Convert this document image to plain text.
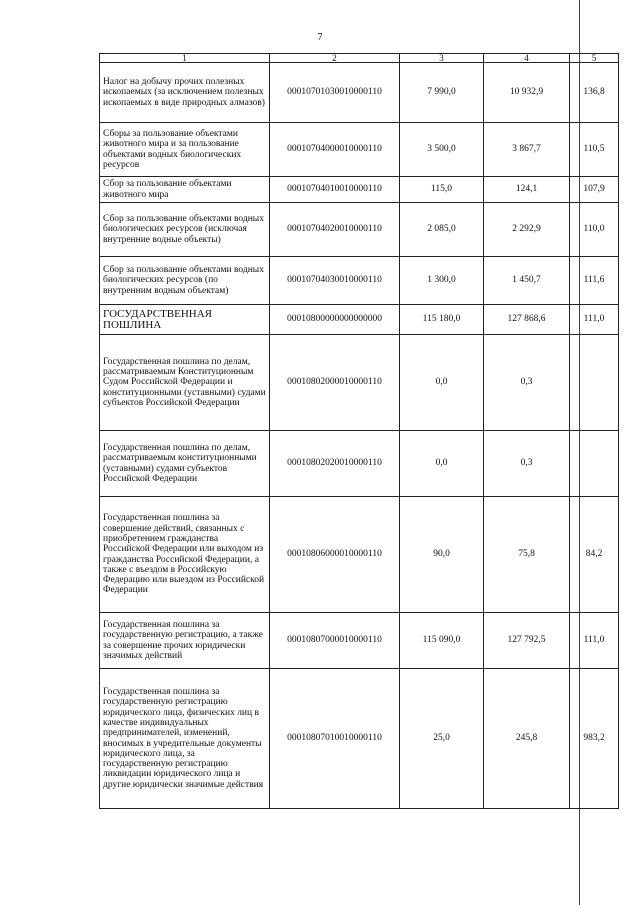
7
1	2	3	4	5
Налог на добычу прочих полезных ископаемых (за исключением полезных ископаемых в виде природных алмазов)	00010701030010000110	7 990,0	10 932,9	136,8
Сборы за пользование объектами животного мира и за пользование объектами водных биологических ресурсов	00010704000010000110	3 500,0	3 867,7	110,5
Сбор за пользование объектами животного мира	00010704010010000110	115,0	124,1	107,9
Сбор за пользование объектами водных биологических ресурсов (исключая внутренние водные объекты)	00010704020010000110	2 085,0	2 292,9	110,0
Сбор за пользование объектами водных биологических ресурсов (по внутренним водным объектам)	00010704030010000110	1 300,0	1 450,7	111,6
ГОСУДАРСТВЕННАЯ ПОШЛИНА	00010800000000000000	115 180,0	127 868,6	111,0
Государственная пошлина по делам, рассматриваемым Конституционным Судом Российской Федерации и конституционными (уставными) судами субъектов Российской Федерации	00010802000010000110	0,0	0,3	
Государственная пошлина по делам, рассматриваемым конституционными (уставными) судами субъектов Российской Федерации	00010802020010000110	0,0	0,3	
Государственная пошлина за совершение действий, связанных с приобретением гражданства Российской Федерации или выходом из гражданства Российской Федерации, а также с въездом в Российскую Федерацию или выездом из Российской Федерации	00010806000010000110	90,0	75,8	84,2
Государственная пошлина за государственную регистрацию, а также за совершение прочих юридически значимых действий	00010807000010000110	115 090,0	127 792,5	111,0
Государственная пошлина за государственную регистрацию юридического лица, физических лиц в качестве индивидуальных предпринимателей, изменений, вносимых в учредительные документы юридического лица, за государственную регистрацию ликвидации юридического лица и другие юридически значимые действия	00010807010010000110	25,0	245,8	983,2
